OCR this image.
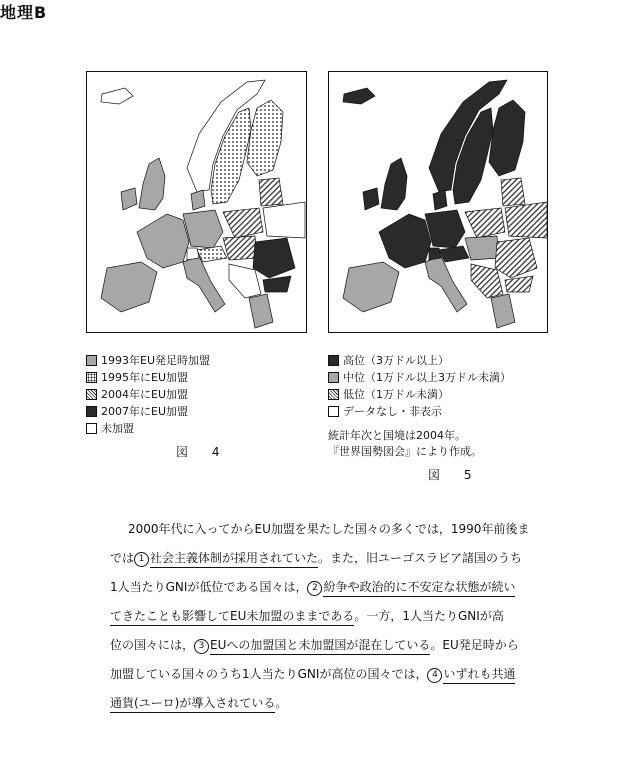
地理B
1993年EU発足時加盟
1995年にEU加盟
2004年にEU加盟
2007年にEU加盟
未加盟
図 4
高位（3万ドル以上）
中位（1万ドル以上3万ドル未満）
低位（1万ドル未満）
データなし・非表示
統計年次と国境は2004年。
『世界国勢図会』により作成。
図 5
2000年代に入ってからEU加盟を果たした国々の多くでは，1990年前後ま
では 1 社会主義体制が採用されていた。また，旧ユーゴスラビア諸国のうち
1人当たりGNIが低位である国々は， 2 紛争や政治的に不安定な状態が続い
てきたことも影響してEU未加盟のままである。一方，1人当たりGNIが高
位の国々には， 3 EUへの加盟国と未加盟国が混在している。EU発足時から
加盟している国々のうち1人当たりGNIが高位の国々では， 4 いずれも共通
通貨(ユーロ)が導入されている。
